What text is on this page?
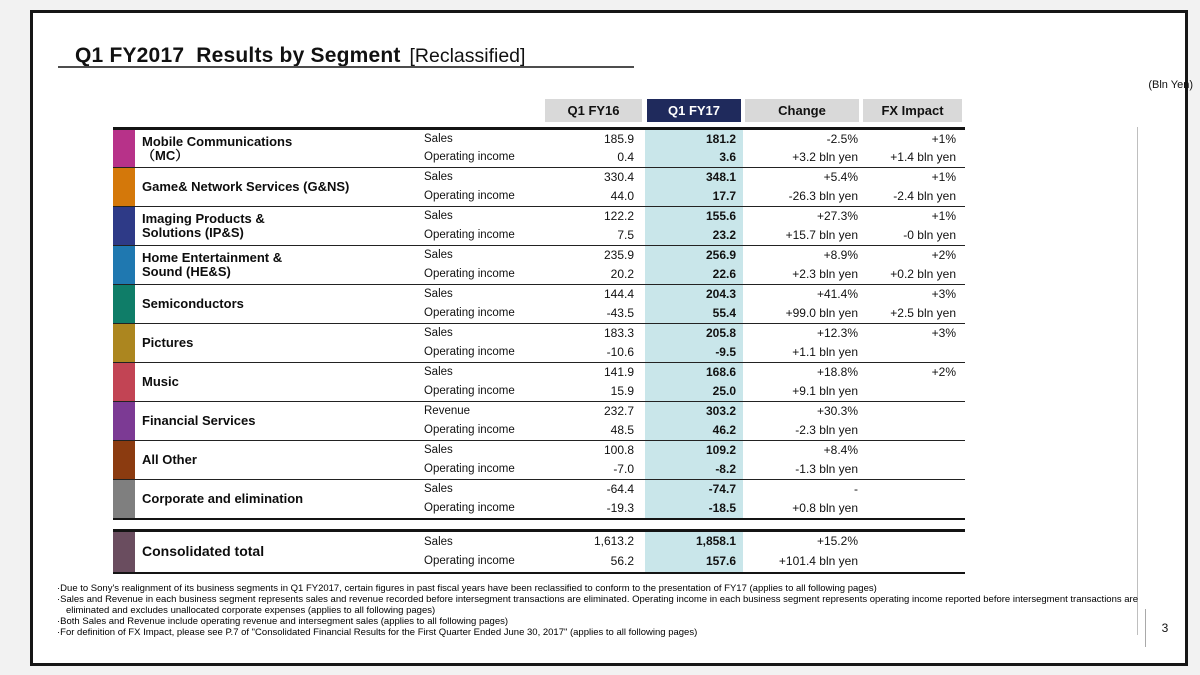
Q1 FY2017  Results by Segment [Reclassified]
(Bln Yen)
Q1 FY16	Q1 FY17	Change	FX Impact

	Mobile Communications
（MC）	Sales	185.9	181.2	-2.5%	+1%
		Operating income	0.4	3.6	+3.2 bln yen	+1.4 bln yen

	Game& Network Services (G&NS)	Sales	330.4	348.1	+5.4%	+1%
		Operating income	44.0	17.7	-26.3 bln yen	-2.4 bln yen

	Imaging Products &
Solutions (IP&S)	Sales	122.2	155.6	+27.3%	+1%
		Operating income	7.5	23.2	+15.7 bln yen	-0 bln yen

	Home Entertainment &
Sound (HE&S)	Sales	235.9	256.9	+8.9%	+2%
		Operating income	20.2	22.6	+2.3 bln yen	+0.2 bln yen

	Semiconductors	Sales	144.4	204.3	+41.4%	+3%
		Operating income	-43.5	55.4	+99.0 bln yen	+2.5 bln yen

	Pictures	Sales	183.3	205.8	+12.3%	+3%
		Operating income	-10.6	-9.5	+1.1 bln yen	

	Music	Sales	141.9	168.6	+18.8%	+2%
		Operating income	15.9	25.0	+9.1 bln yen	

	Financial Services	Revenue	232.7	303.2	+30.3%	
		Operating income	48.5	46.2	-2.3 bln yen	

	All Other	Sales	100.8	109.2	+8.4%	
		Operating income	-7.0	-8.2	-1.3 bln yen	

	Corporate and elimination	Sales	-64.4	-74.7	-	
		Operating income	-19.3	-18.5	+0.8 bln yen	

	Consolidated total	Sales	1,613.2	1,858.1	+15.2%	
		Operating income	56.2	157.6	+101.4 bln yen	
· Due to Sony's realignment of its business segments in Q1 FY2017, certain figures in past fiscal years have been reclassified to conform to the presentation of FY17 (applies to all following pages)
· Sales and Revenue in each business segment represents sales and revenue recorded before intersegment transactions are eliminated. Operating income in each business segment represents operating income reported before intersegment transactions are eliminated and excludes unallocated corporate expenses (applies to all following pages)
· Both Sales and Revenue include operating revenue and intersegment sales (applies to all following pages)
· For definition of FX Impact, please see P.7 of "Consolidated Financial Results for the First Quarter Ended June 30, 2017" (applies to all following pages)	3
